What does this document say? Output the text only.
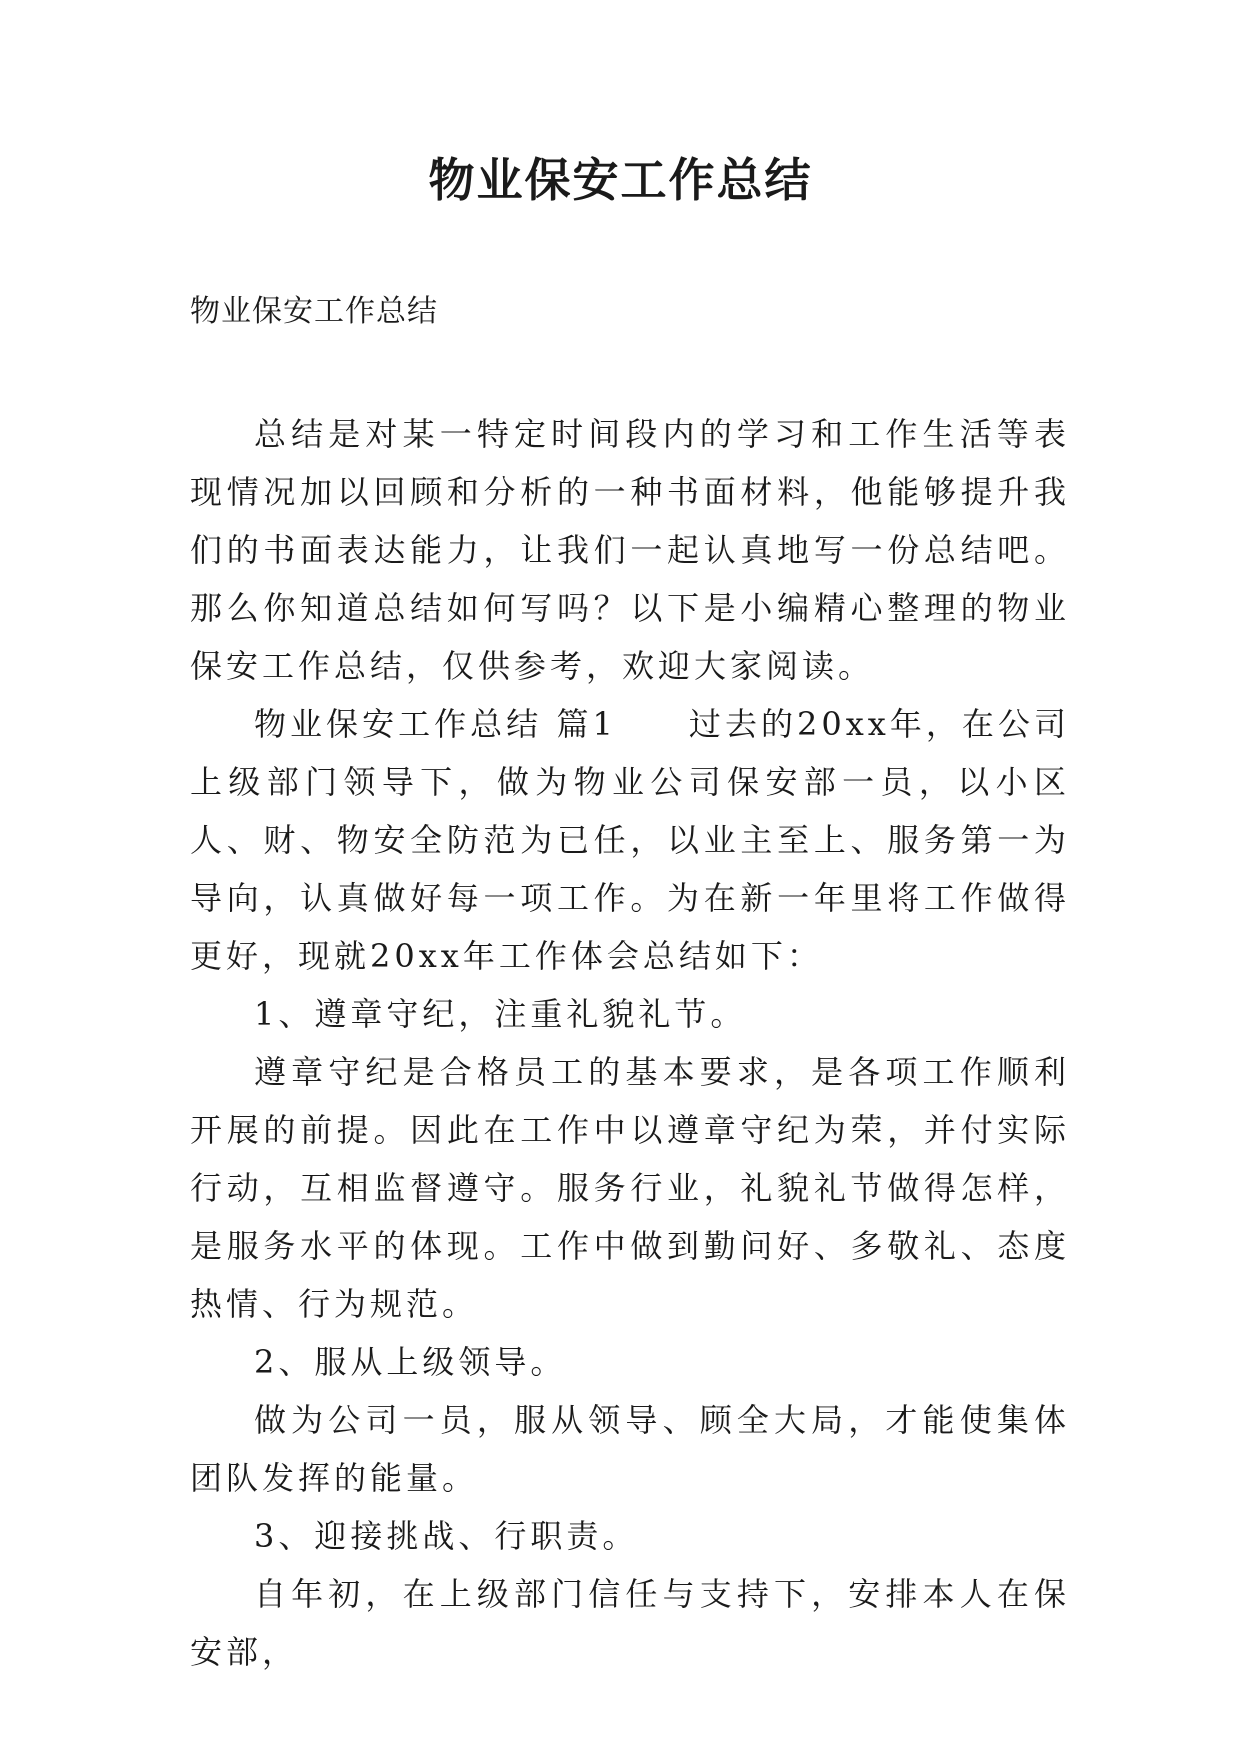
物业保安工作总结

物业保安工作总结

总结是对某一特定时间段内的学习和工作生活等表现情况加以回顾和分析的一种书面材料，他能够提升我们的书面表达能力，让我们一起认真地写一份总结吧。那么你知道总结如何写吗？以下是小编精心整理的物业保安工作总结，仅供参考，欢迎大家阅读。

物业保安工作总结 篇1　　过去的20xx年，在公司上级部门领导下，做为物业公司保安部一员，以小区人、财、物安全防范为已任，以业主至上、服务第一为导向，认真做好每一项工作。为在新一年里将工作做得更好，现就20xx年工作体会总结如下：

1、遵章守纪，注重礼貌礼节。

遵章守纪是合格员工的基本要求，是各项工作顺利开展的前提。因此在工作中以遵章守纪为荣，并付实际行动，互相监督遵守。服务行业，礼貌礼节做得怎样，是服务水平的体现。工作中做到勤问好、多敬礼、态度热情、行为规范。

2、服从上级领导。

做为公司一员，服从领导、顾全大局，才能使集体团队发挥的能量。

3、迎接挑战、行职责。

自年初，在上级部门信任与支持下，安排本人在保安部，
